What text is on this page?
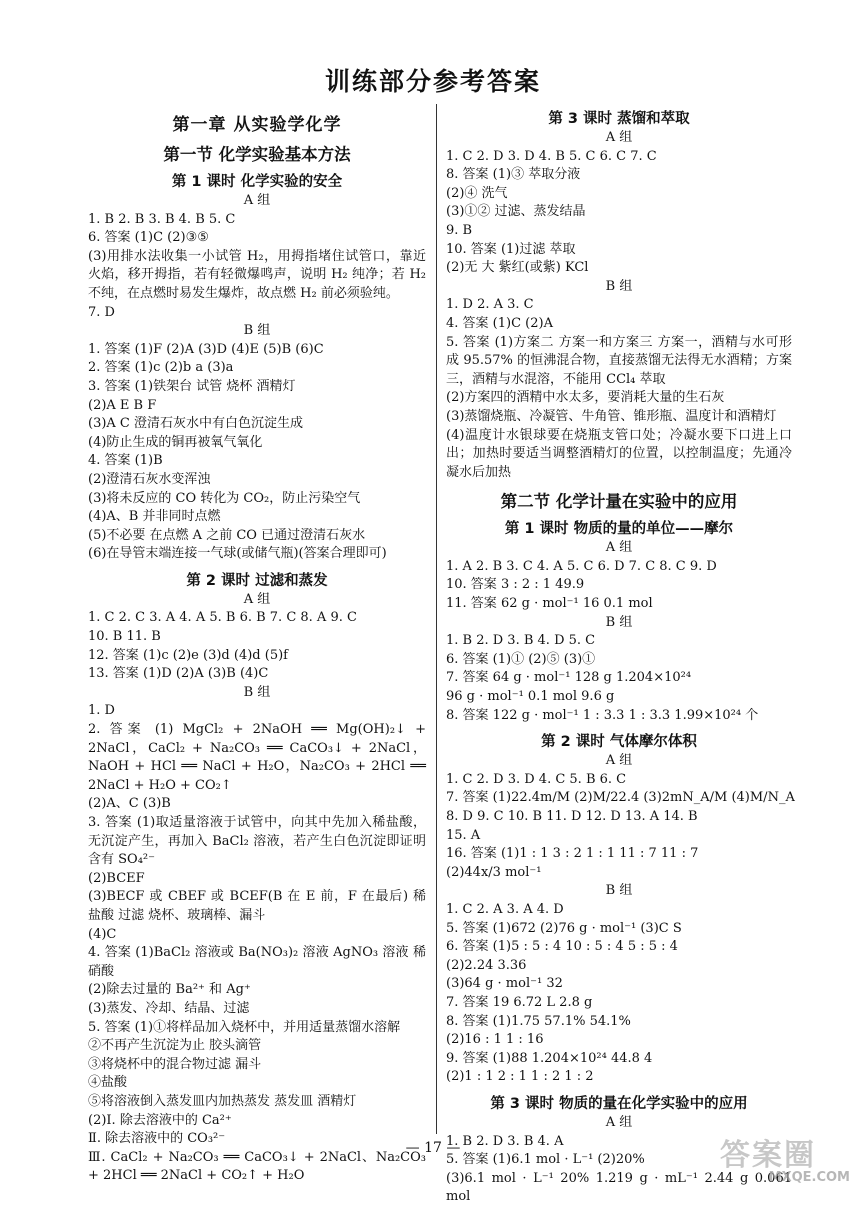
训练部分参考答案
第一章 从实验学化学
第一节 化学实验基本方法
第 1 课时 化学实验的安全
A 组
1. B 2. B 3. B 4. B 5. C
6. 答案 (1)C (2)③⑤
(3)用排水法收集一小试管 H₂，用拇指堵住试管口，靠近火焰，移开拇指，若有轻微爆鸣声，说明 H₂ 纯净；若 H₂ 不纯，在点燃时易发生爆炸，故点燃 H₂ 前必须验纯。
7. D
B 组
1. 答案 (1)F (2)A (3)D (4)E (5)B (6)C
2. 答案 (1)c (2)b a (3)a
3. 答案 (1)铁架台 试管 烧杯 酒精灯
(2)A E B F
(3)A C 澄清石灰水中有白色沉淀生成
(4)防止生成的铜再被氧气氧化
4. 答案 (1)B
(2)澄清石灰水变浑浊
(3)将未反应的 CO 转化为 CO₂，防止污染空气
(4)A、B 并非同时点燃
(5)不必要 在点燃 A 之前 CO 已通过澄清石灰水
(6)在导管末端连接一气球(或储气瓶)(答案合理即可)
第 2 课时 过滤和蒸发
A 组
1. C 2. C 3. A 4. A 5. B 6. B 7. C 8. A 9. C
10. B 11. B
12. 答案 (1)c (2)e (3)d (4)d (5)f
13. 答案 (1)D (2)A (3)B (4)C
B 组
1. D
2. 答案 (1) MgCl₂ + 2NaOH ══ Mg(OH)₂↓ + 2NaCl，CaCl₂ + Na₂CO₃ ══ CaCO₃↓ + 2NaCl，NaOH + HCl ══ NaCl + H₂O，Na₂CO₃ + 2HCl ══ 2NaCl + H₂O + CO₂↑
(2)A、C (3)B
3. 答案 (1)取适量溶液于试管中，向其中先加入稀盐酸，无沉淀产生，再加入 BaCl₂ 溶液，若产生白色沉淀即证明含有 SO₄²⁻
(2)BCEF
(3)BECF 或 CBEF 或 BCEF(B 在 E 前，F 在最后) 稀盐酸 过滤 烧杯、玻璃棒、漏斗
(4)C
4. 答案 (1)BaCl₂ 溶液或 Ba(NO₃)₂ 溶液 AgNO₃ 溶液 稀硝酸
(2)除去过量的 Ba²⁺ 和 Ag⁺
(3)蒸发、冷却、结晶、过滤
5. 答案 (1)①将样品加入烧杯中，并用适量蒸馏水溶解
②不再产生沉淀为止 胶头滴管
③将烧杯中的混合物过滤 漏斗
④盐酸
⑤将溶液倒入蒸发皿内加热蒸发 蒸发皿 酒精灯
(2)Ⅰ. 除去溶液中的 Ca²⁺
Ⅱ. 除去溶液中的 CO₃²⁻
Ⅲ. CaCl₂ + Na₂CO₃ ══ CaCO₃↓ + 2NaCl、Na₂CO₃ + 2HCl ══ 2NaCl + CO₂↑ + H₂O
第 3 课时 蒸馏和萃取
A 组
1. C 2. D 3. D 4. B 5. C 6. C 7. C
8. 答案 (1)③ 萃取分液
(2)④ 洗气
(3)①② 过滤、蒸发结晶
9. B
10. 答案 (1)过滤 萃取
(2)无 大 紫红(或紫) KCl
B 组
1. D 2. A 3. C
4. 答案 (1)C (2)A
5. 答案 (1)方案二 方案一和方案三 方案一，酒精与水可形成 95.57% 的恒沸混合物，直接蒸馏无法得无水酒精；方案三，酒精与水混溶，不能用 CCl₄ 萃取
(2)方案四的酒精中水太多，要消耗大量的生石灰
(3)蒸馏烧瓶、冷凝管、牛角管、锥形瓶、温度计和酒精灯
(4)温度计水银球要在烧瓶支管口处；冷凝水要下口进上口出；加热时要适当调整酒精灯的位置，以控制温度；先通冷凝水后加热
第二节 化学计量在实验中的应用
第 1 课时 物质的量的单位——摩尔
A 组
1. A 2. B 3. C 4. A 5. C 6. D 7. C 8. C 9. D
10. 答案 3 : 2 : 1 49.9
11. 答案 62 g · mol⁻¹ 16 0.1 mol
B 组
1. B 2. D 3. B 4. D 5. C
6. 答案 (1)① (2)⑤ (3)①
7. 答案 64 g · mol⁻¹ 128 g 1.204×10²⁴
96 g · mol⁻¹ 0.1 mol 9.6 g
8. 答案 122 g · mol⁻¹ 1 : 3.3 1 : 3.3 1.99×10²⁴ 个
第 2 课时 气体摩尔体积
A 组
1. C 2. D 3. D 4. C 5. B 6. C
7. 答案 (1)22.4m/M (2)M/22.4 (3)2mN_A/M (4)M/N_A
8. D 9. C 10. B 11. D 12. D 13. A 14. B
15. A
16. 答案 (1)1 : 1 3 : 2 1 : 1 11 : 7 11 : 7
(2)44x/3 mol⁻¹
B 组
1. C 2. A 3. A 4. D
5. 答案 (1)672 (2)76 g · mol⁻¹ (3)C S
6. 答案 (1)5 : 5 : 4 10 : 5 : 4 5 : 5 : 4
(2)2.24 3.36
(3)64 g · mol⁻¹ 32
7. 答案 19 6.72 L 2.8 g
8. 答案 (1)1.75 57.1% 54.1%
(2)16 : 1 1 : 16
9. 答案 (1)88 1.204×10²⁴ 44.8 4
(2)1 : 1 2 : 1 1 : 2 1 : 2
第 3 课时 物质的量在化学实验中的应用
A 组
1. B 2. D 3. B 4. A
5. 答案 (1)6.1 mol · L⁻¹ (2)20%
(3)6.1 mol · L⁻¹ 20% 1.219 g · mL⁻¹ 2.44 g 0.061 mol
— 17 —	答案圈
MXQE.COM
